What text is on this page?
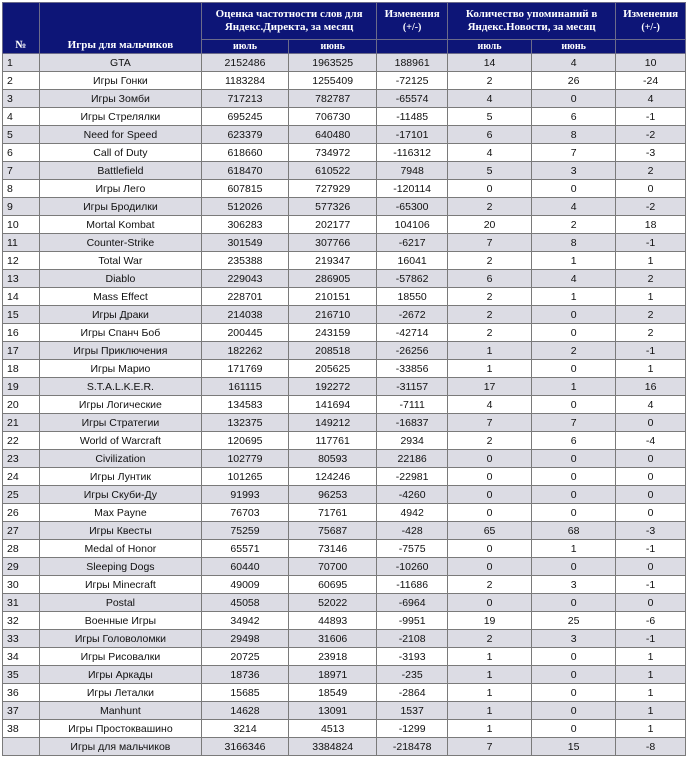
№	Игры для мальчиков	Оценка частотности слов для Яндекс.Директа, за месяц		Изменения
(+/-)	Количество упоминаний в Яндекс.Новости, за месяц		Изменения
(+/-)
		июль	июнь		июль	июнь	
1	GTA	2152486	1963525	188961	14	4	10
2	Игры Гонки	1183284	1255409	-72125	2	26	-24
3	Игры Зомби	717213	782787	-65574	4	0	4
4	Игры Стрелялки	695245	706730	-11485	5	6	-1
5	Need for Speed	623379	640480	-17101	6	8	-2
6	Call of Duty	618660	734972	-116312	4	7	-3
7	Battlefield	618470	610522	7948	5	3	2
8	Игры Лего	607815	727929	-120114	0	0	0
9	Игры Бродилки	512026	577326	-65300	2	4	-2
10	Mortal Kombat	306283	202177	104106	20	2	18
11	Counter-Strike	301549	307766	-6217	7	8	-1
12	Total War	235388	219347	16041	2	1	1
13	Diablo	229043	286905	-57862	6	4	2
14	Mass Effect	228701	210151	18550	2	1	1
15	Игры Драки	214038	216710	-2672	2	0	2
16	Игры Спанч Боб	200445	243159	-42714	2	0	2
17	Игры Приключения	182262	208518	-26256	1	2	-1
18	Игры Марио	171769	205625	-33856	1	0	1
19	S.T.A.L.K.E.R.	161115	192272	-31157	17	1	16
20	Игры Логические	134583	141694	-7111	4	0	4
21	Игры Стратегии	132375	149212	-16837	7	7	0
22	World of Warcraft	120695	117761	2934	2	6	-4
23	Civilization	102779	80593	22186	0	0	0
24	Игры Лунтик	101265	124246	-22981	0	0	0
25	Игры Скуби-Ду	91993	96253	-4260	0	0	0
26	Max Payne	76703	71761	4942	0	0	0
27	Игры Квесты	75259	75687	-428	65	68	-3
28	Medal of Honor	65571	73146	-7575	0	1	-1
29	Sleeping Dogs	60440	70700	-10260	0	0	0
30	Игры Minecraft	49009	60695	-11686	2	3	-1
31	Postal	45058	52022	-6964	0	0	0
32	Военные Игры	34942	44893	-9951	19	25	-6
33	Игры Головоломки	29498	31606	-2108	2	3	-1
34	Игры Рисовалки	20725	23918	-3193	1	0	1
35	Игры Аркады	18736	18971	-235	1	0	1
36	Игры Леталки	15685	18549	-2864	1	0	1
37	Manhunt	14628	13091	1537	1	0	1
38	Игры Простоквашино	3214	4513	-1299	1	0	1
	Игры для мальчиков	3166346	3384824	-218478	7	15	-8
